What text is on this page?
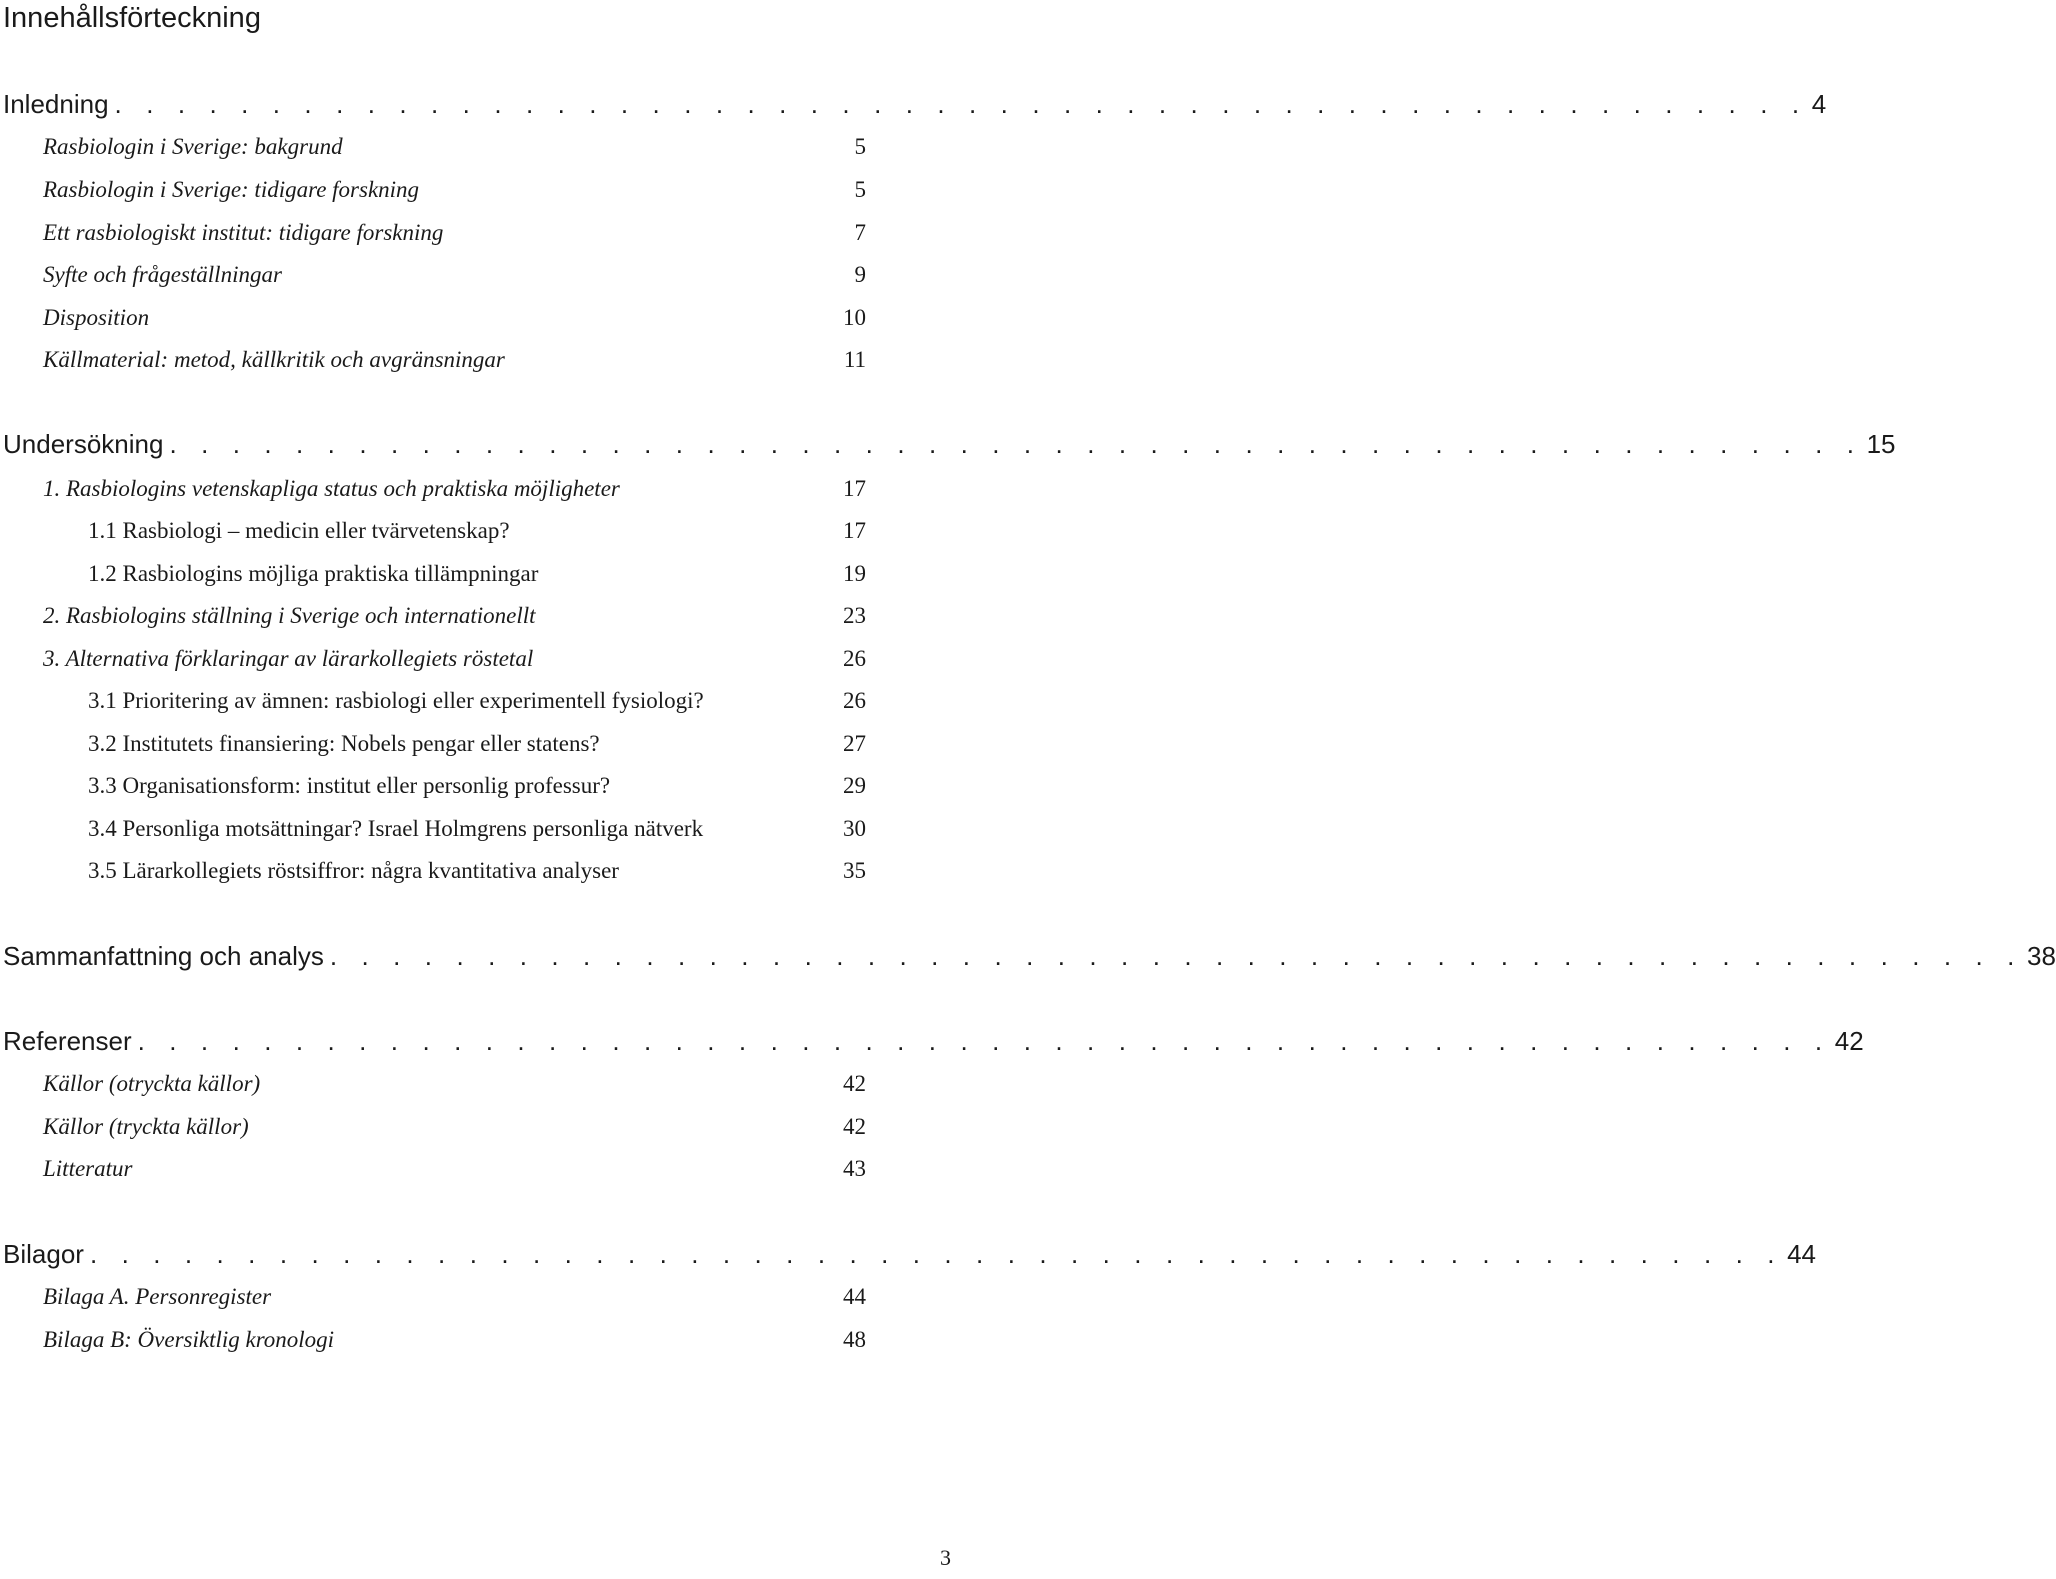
Innehållsförteckning
Inledning . . . . . . . . . . . . . . . . . . . . . . . . . . . . . . . . . . . . . . . . . . . . . . . . . . . . . . 4
Rasbiologin i Sverige: bakgrund	5
Rasbiologin i Sverige: tidigare forskning	5
Ett rasbiologiskt institut: tidigare forskning	7
Syfte och frågeställningar	9
Disposition	10
Källmaterial: metod, källkritik och avgränsningar	11
Undersökning . . . . . . . . . . . . . . . . . . . . . . . . . . . . . . . . . . . . . . . . . . . . . . . . . . . . . . 15
1. Rasbiologins vetenskapliga status och praktiska möjligheter	17
1.1 Rasbiologi – medicin eller tvärvetenskap?	17
1.2 Rasbiologins möjliga praktiska tillämpningar	19
2. Rasbiologins ställning i Sverige och internationellt	23
3. Alternativa förklaringar av lärarkollegiets röstetal	26
3.1 Prioritering av ämnen: rasbiologi eller experimentell fysiologi?	26
3.2 Institutets finansiering: Nobels pengar eller statens?	27
3.3 Organisationsform: institut eller personlig professur?	29
3.4 Personliga motsättningar? Israel Holmgrens personliga nätverk	30
3.5 Lärarkollegiets röstsiffror: några kvantitativa analyser	35
Sammanfattning och analys . . . . . . . . . . . . . . . . . . . . . . . . . . . . . . . . . . . . . . . . . . . . . . . . . . . . . . 38
Referenser . . . . . . . . . . . . . . . . . . . . . . . . . . . . . . . . . . . . . . . . . . . . . . . . . . . . . . 42
Källor (otryckta källor)	42
Källor (tryckta källor)	42
Litteratur	43
Bilagor . . . . . . . . . . . . . . . . . . . . . . . . . . . . . . . . . . . . . . . . . . . . . . . . . . . . . . 44
Bilaga A. Personregister	44
Bilaga B: Översiktlig kronologi	48
3
